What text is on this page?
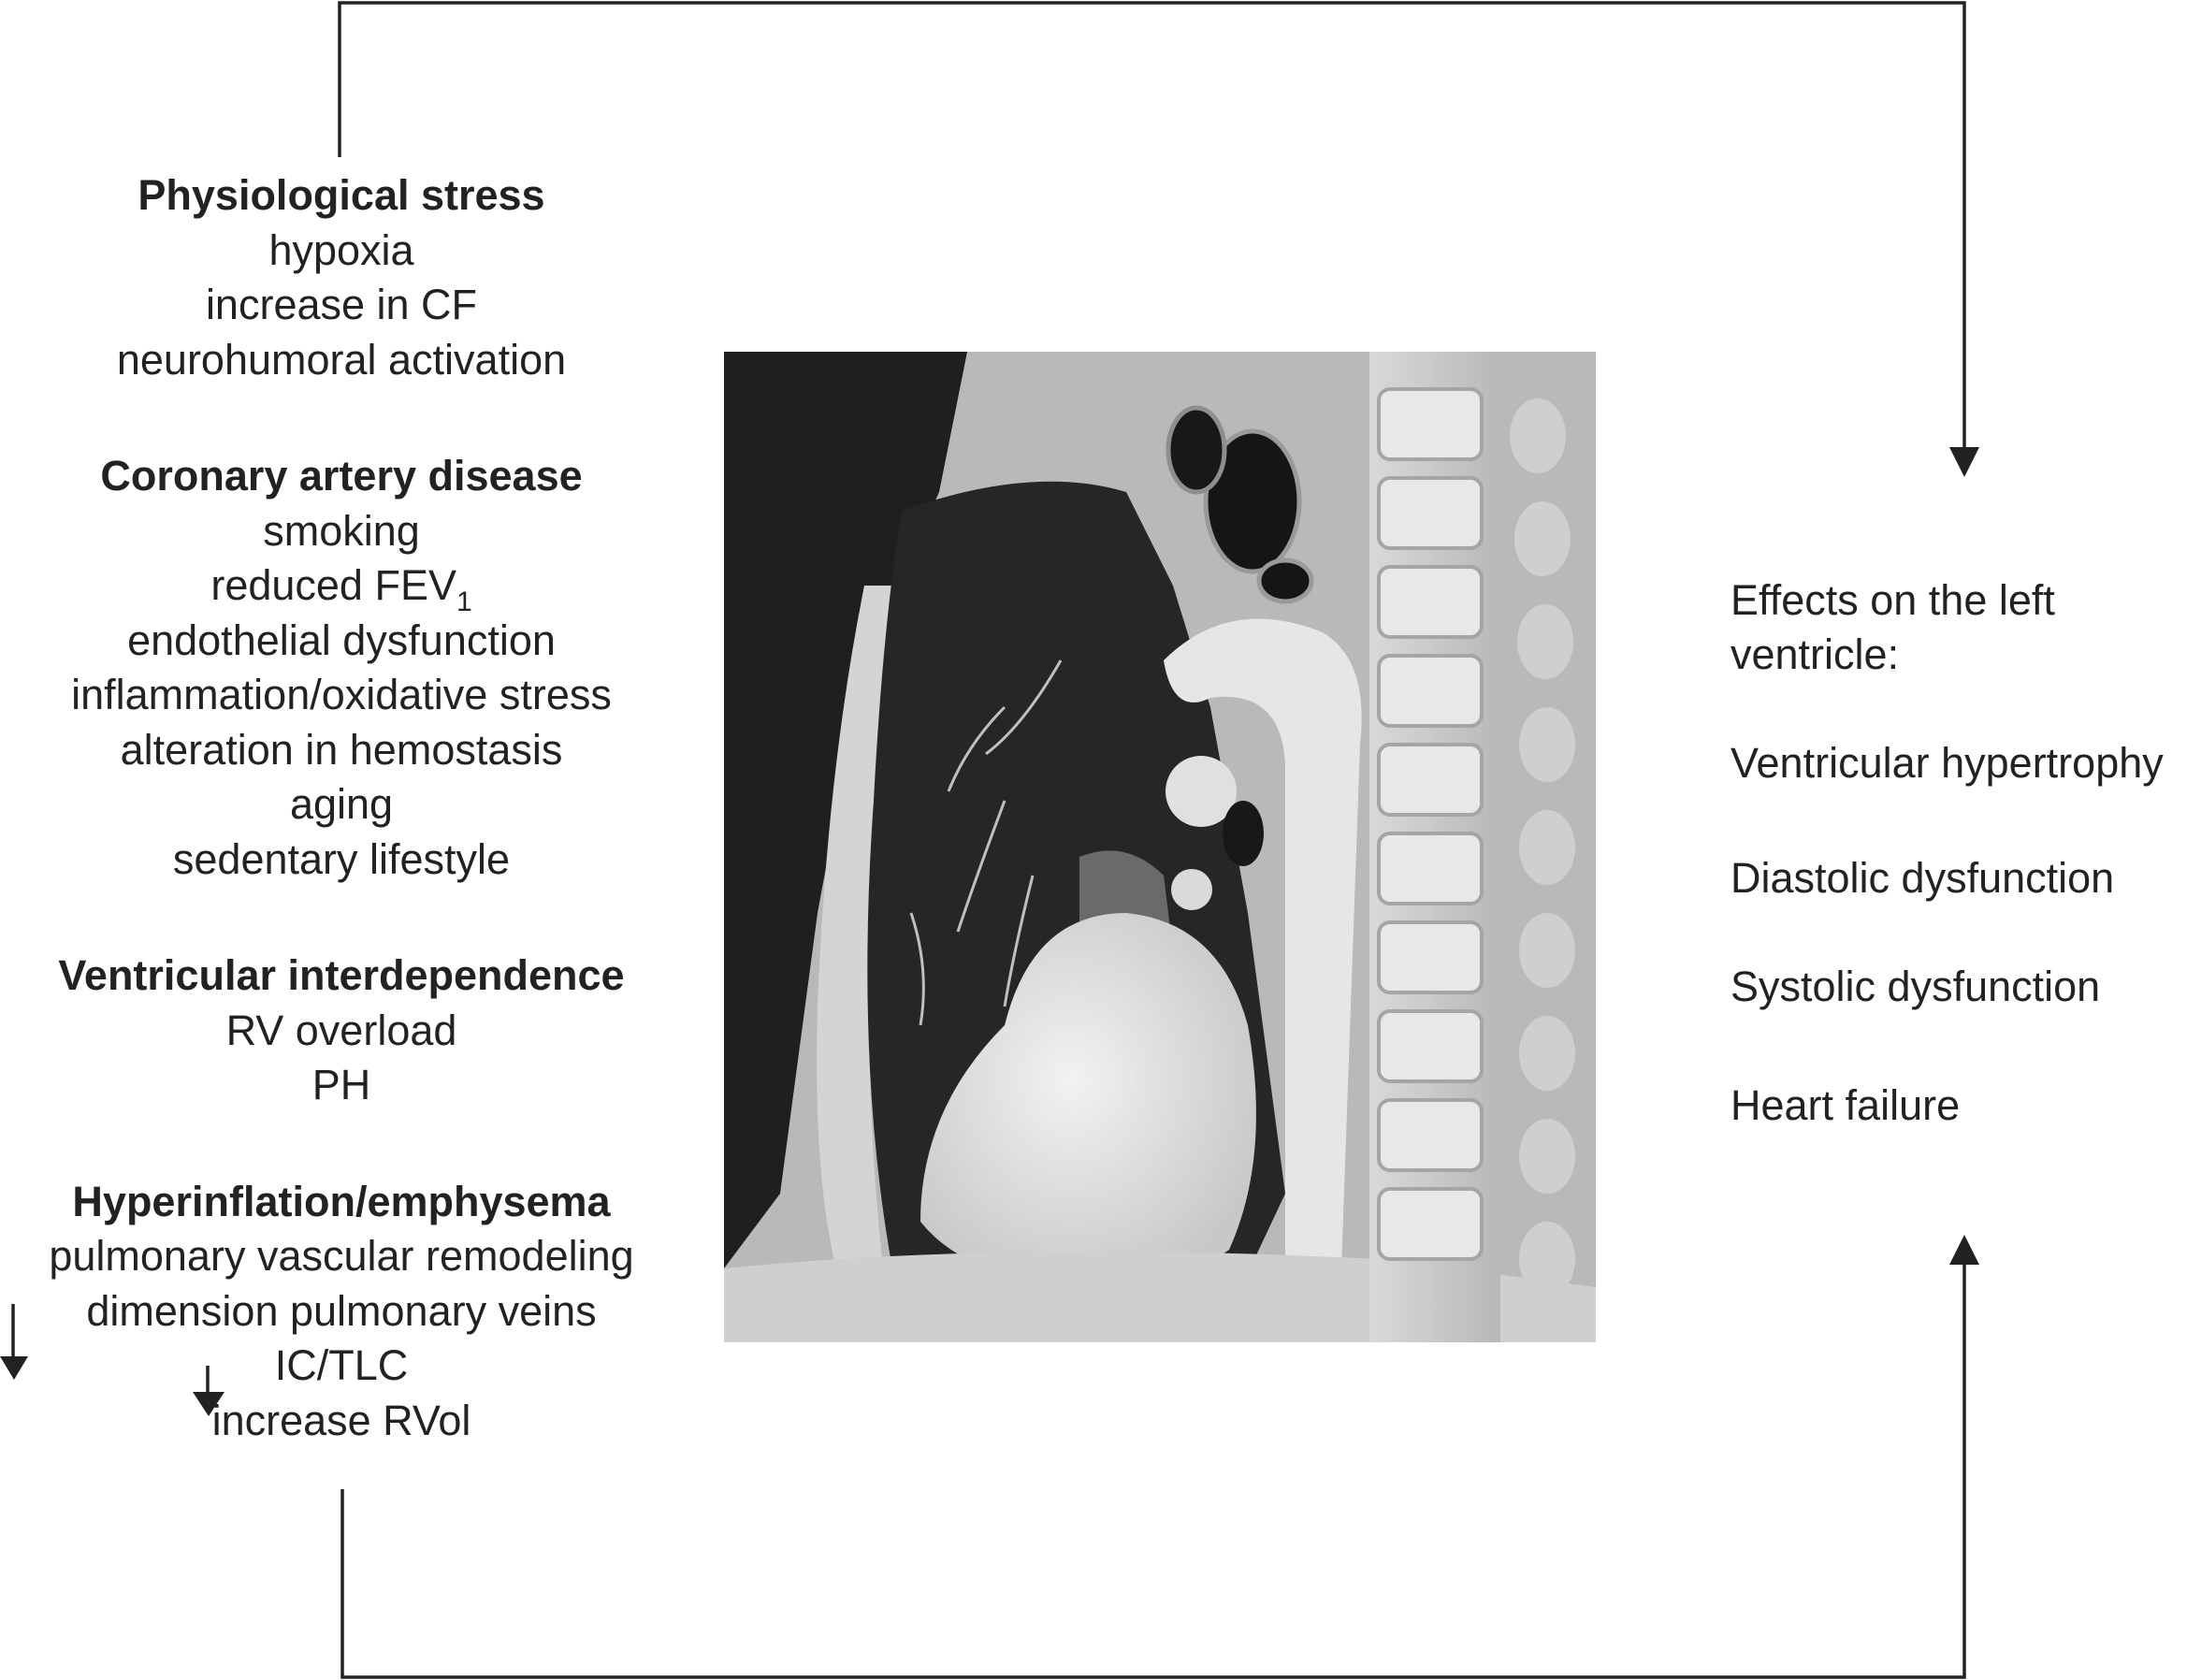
Physiological stress
hypoxia
increase in CF
neurohumoral activation
Coronary artery disease
smoking
reduced $FEV_1$
endothelial dysfunction
inflammation/oxidative stress
alteration in hemostasis
aging
sedentary lifestyle
Ventricular interdependence
RV overload
PH
Hyperinflation/emphysema
pulmonary vascular remodeling
dimension pulmonary veins
IC/TLC
increase RVol
Effects on the left ventricle:
Ventricular hypertrophy
Diastolic dysfunction
Systolic dysfunction
Heart failure
